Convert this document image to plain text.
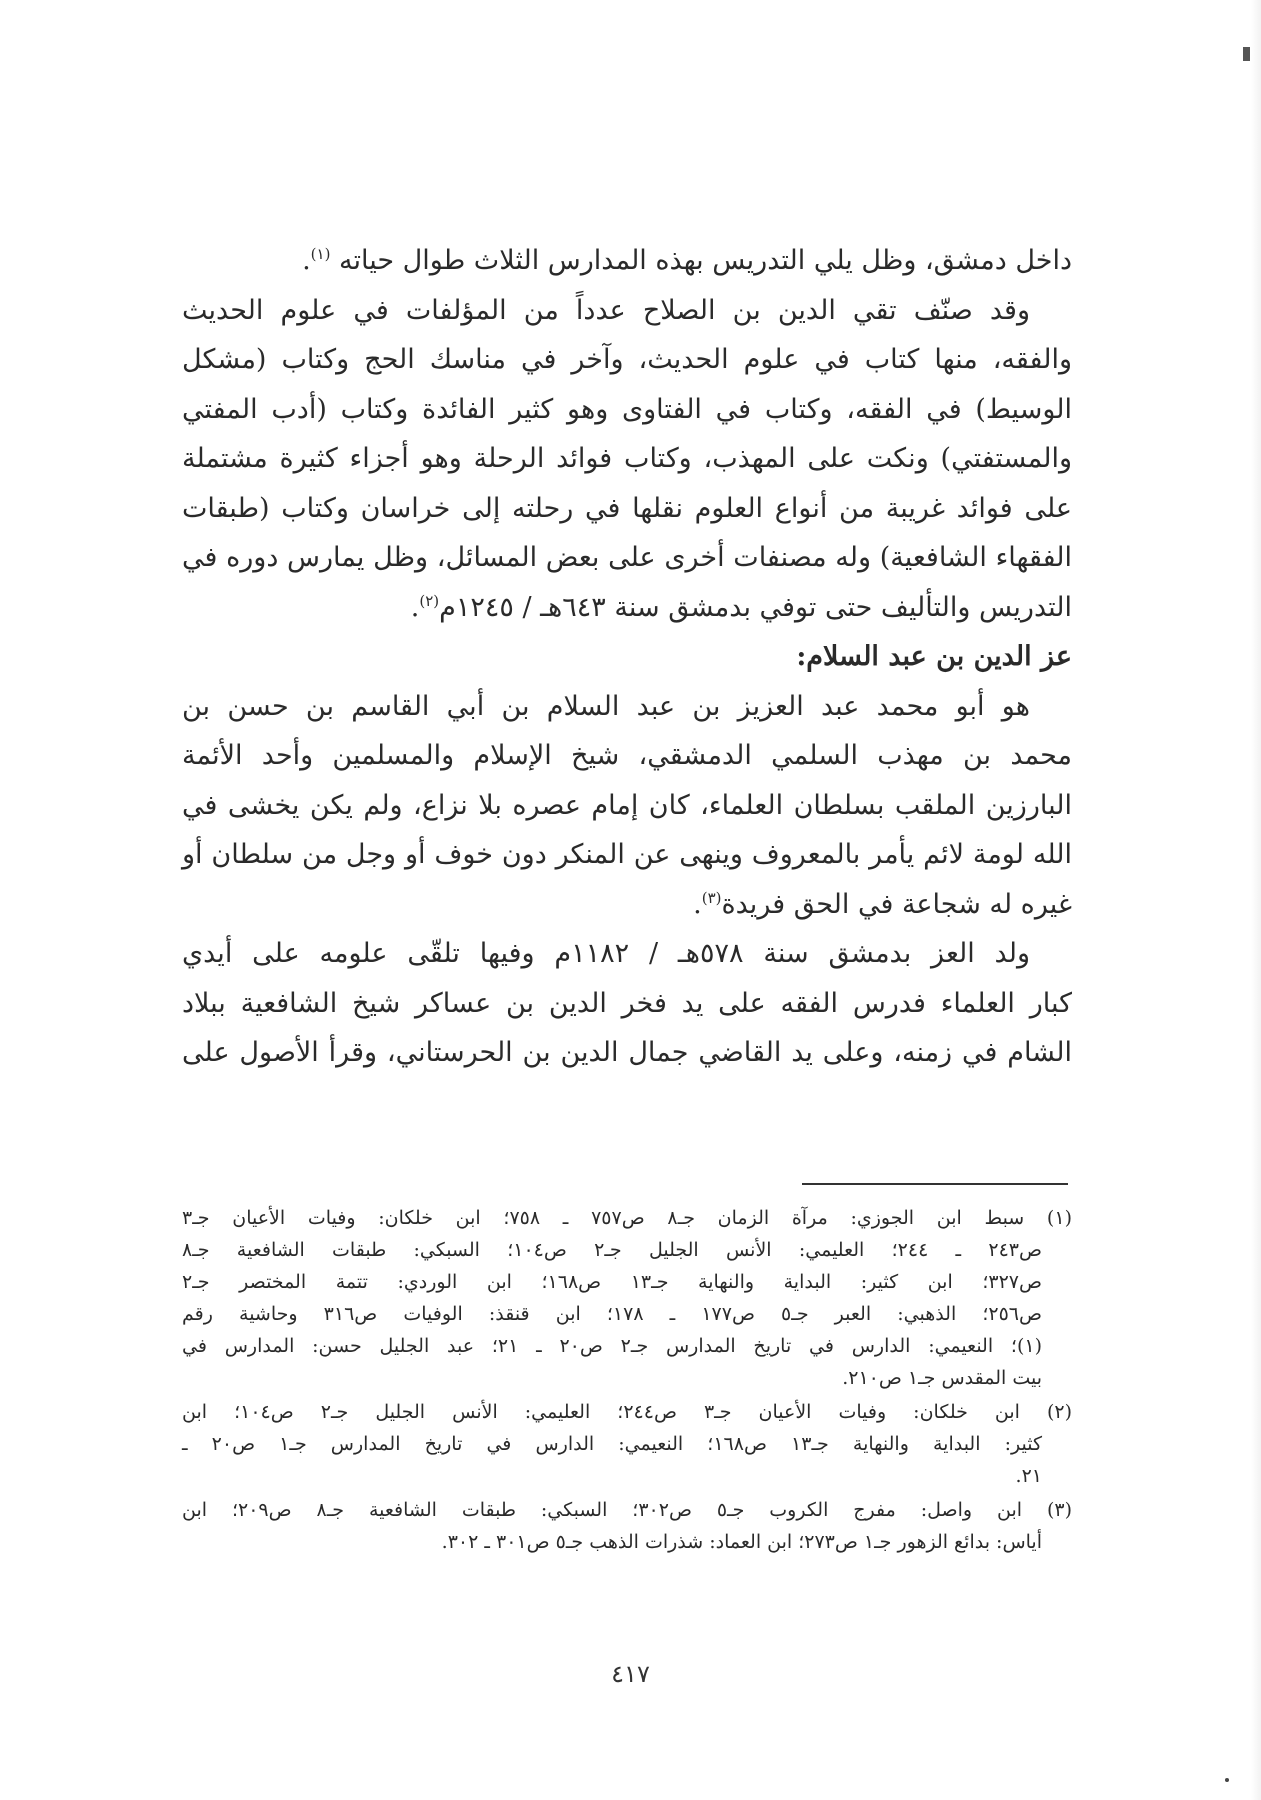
داخل دمشق، وظل يلي التدريس بهذه المدارس الثلاث طوال حياته $^{(١)}$.

وقد صنّف تقي الدين بن الصلاح عدداً من المؤلفات في علوم الحديث
والفقه، منها كتاب في علوم الحديث، وآخر في مناسك الحج وكتاب (مشكل
الوسيط) في الفقه، وكتاب في الفتاوى وهو كثير الفائدة وكتاب (أدب المفتي
والمستفتي) ونكت على المهذب، وكتاب فوائد الرحلة وهو أجزاء كثيرة مشتملة
على فوائد غريبة من أنواع العلوم نقلها في رحلته إلى خراسان وكتاب (طبقات
الفقهاء الشافعية) وله مصنفات أخرى على بعض المسائل، وظل يمارس دوره في
التدريس والتأليف حتى توفي بدمشق سنة ٦٤٣هـ / ١٢٤٥م$^{(٢)}$.

عز الدين بن عبد السلام:

هو أبو محمد عبد العزيز بن عبد السلام بن أبي القاسم بن حسن بن
محمد بن مهذب السلمي الدمشقي، شيخ الإسلام والمسلمين وأحد الأئمة
البارزين الملقب بسلطان العلماء، كان إمام عصره بلا نزاع، ولم يكن يخشى في
الله لومة لائم يأمر بالمعروف وينهى عن المنكر دون خوف أو وجل من سلطان أو
غيره له شجاعة في الحق فريدة$^{(٣)}$.

ولد العز بدمشق سنة ٥٧٨هـ / ١١٨٢م وفيها تلقّى علومه على أيدي
كبار العلماء فدرس الفقه على يد فخر الدين بن عساكر شيخ الشافعية ببلاد
الشام في زمنه، وعلى يد القاضي جمال الدين بن الحرستاني، وقرأ الأصول على

(١) سبط ابن الجوزي: مرآة الزمان جـ٨ ص٧٥٧ ـ ٧٥٨؛ ابن خلكان: وفيات الأعيان جـ٣
ص٢٤٣ ـ ٢٤٤؛ العليمي: الأنس الجليل جـ٢ ص١٠٤؛ السبكي: طبقات الشافعية جـ٨
ص٣٢٧؛ ابن كثير: البداية والنهاية جـ١٣ ص١٦٨؛ ابن الوردي: تتمة المختصر جـ٢
ص٢٥٦؛ الذهبي: العبر جـ٥ ص١٧٧ ـ ١٧٨؛ ابن قنقذ: الوفيات ص٣١٦ وحاشية رقم
(١)؛ النعيمي: الدارس في تاريخ المدارس جـ٢ ص٢٠ ـ ٢١؛ عبد الجليل حسن: المدارس في
بيت المقدس جـ١ ص٢١٠.
(٢) ابن خلكان: وفيات الأعيان جـ٣ ص٢٤٤؛ العليمي: الأنس الجليل جـ٢ ص١٠٤؛ ابن
كثير: البداية والنهاية جـ١٣ ص١٦٨؛ النعيمي: الدارس في تاريخ المدارس جـ١ ص٢٠ ـ
٢١.
(٣) ابن واصل: مفرج الكروب جـ٥ ص٣٠٢؛ السبكي: طبقات الشافعية جـ٨ ص٢٠٩؛ ابن
أياس: بدائع الزهور جـ١ ص٢٧٣؛ ابن العماد: شذرات الذهب جـ٥ ص٣٠١ ـ ٣٠٢.
٤١٧
